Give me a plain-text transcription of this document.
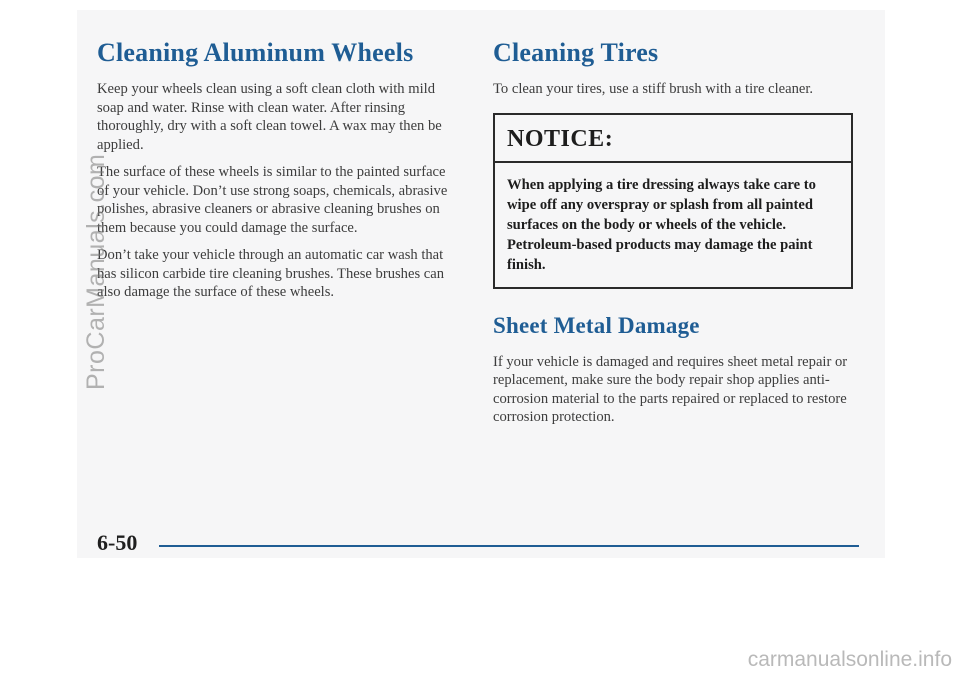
Cleaning Aluminum Wheels

Keep your wheels clean using a soft clean cloth with mild soap and water. Rinse with clean water. After rinsing thoroughly, dry with a soft clean towel. A wax may then be applied.

The surface of these wheels is similar to the painted surface of your vehicle. Don’t use strong soaps, chemicals, abrasive polishes, abrasive cleaners or abrasive cleaning brushes on them because you could damage the surface.

Don’t take your vehicle through an automatic car wash that has silicon carbide tire cleaning brushes. These brushes can also damage the surface of these wheels.

Cleaning Tires

To clean your tires, use a stiff brush with a tire cleaner.

NOTICE:
When applying a tire dressing always take care to wipe off any overspray or splash from all painted surfaces on the body or wheels of the vehicle. Petroleum-based products may damage the paint finish.
Sheet Metal Damage

If your vehicle is damaged and requires sheet metal repair or replacement, make sure the body repair shop applies anti-corrosion material to the parts repaired or replaced to restore corrosion protection.

6-50
ProCarManuals.com
carmanualsonline.info
